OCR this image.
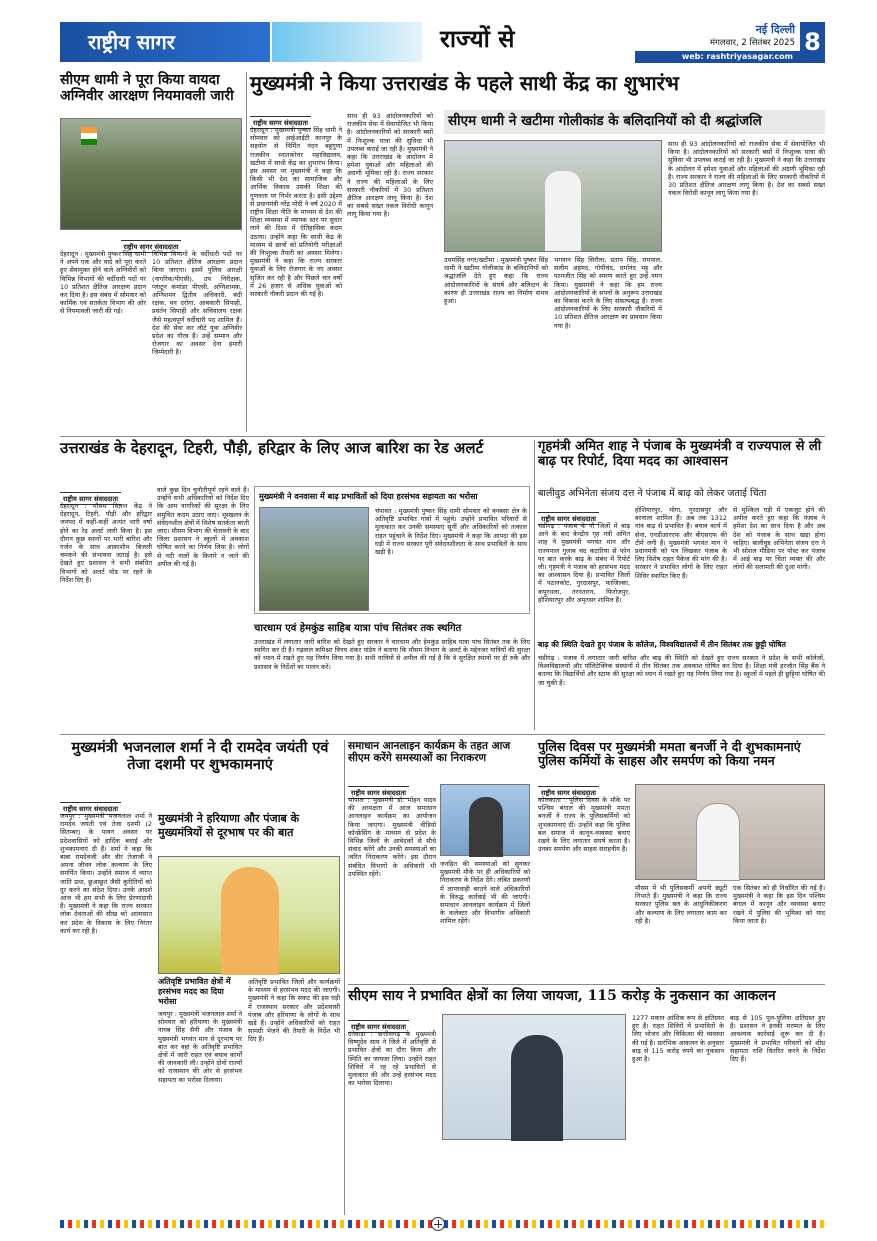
राष्ट्रीय सागर	राज्यों से	नई दिल्ली
मंगलवार, 2 सितंबर 2025
web: rashtriyasagar.com
8
सीएम धामी ने पूरा किया वायदा अग्निवीर आरक्षण नियमावली जारी
राष्ट्रीय सागर संवाददाता
देहरादून : मुख्यमंत्री पुष्कर सिंह धामी ने अपने एक और वादे को पूरा करते हुए सेवामुक्त होने वाले अग्निवीरों को विभिन्न विभागों की वर्दीधारी पदों पर 10 प्रतिशत क्षैतिज आरक्षण प्रदान कर दिया है। इस संबंध में सोमवार को कार्मिक एवं सतर्कता विभाग की ओर से नियमावली जारी की गई।
विभिन्न विभागों के वर्दीधारी पदों पर 10 प्रतिशत क्षैतिज आरक्षण प्रदान किया जाएगा। इसमें पुलिस आरक्षी (नागरिक/पीएसी), उप निरीक्षक, प्लाटून कमांडर पीएसी, अग्निशामक, अग्निशमन द्वितीय अधिकारी, बंदी रक्षक, वन दरोगा, आबकारी सिपाही, प्रवर्तन सिपाही और सचिवालय रक्षक जैसे महत्वपूर्ण वर्दीधारी पद शामिल हैं। देश की सेवा कर लौटे युवा अग्निवीर प्रदेश का गौरव हैं। उन्हें सम्मान और रोजगार का अवसर देना हमारी जिम्मेदारी है।
मुख्यमंत्री ने किया उत्तराखंड के पहले साथी केंद्र का शुभारंभ
राष्ट्रीय सागर संवाददाता
देहरादून : मुख्यमंत्री पुष्कर सिंह धामी ने सोमवार को आईआईटी कानपुर के सहयोग से निर्मित नंदन बहुगुणा राजकीय स्नातकोत्तर महाविद्यालय, खटीमा में साथी केंद्र का शुभारंभ किया। इस अवसर पर मुख्यमंत्री ने कहा कि किसी भी देश का सामाजिक और आर्थिक विकास उसकी शिक्षा की गुणवत्ता पर निर्भर करता है। इसी उद्देश्य से प्रधानमंत्री नरेंद्र मोदी ने वर्ष 2020 में राष्ट्रीय शिक्षा नीति के माध्यम से देश की शिक्षा व्यवस्था में व्यापक स्तर पर सुधार लाने की दिशा में ऐतिहासिक कदम उठाया। उन्होंने कहा कि साथी केंद्र के माध्यम से छात्रों को प्रतियोगी परीक्षाओं की निःशुल्क तैयारी का अवसर मिलेगा। मुख्यमंत्री ने कहा कि राज्य सरकार युवाओं के लिए रोजगार के नए अवसर सृजित कर रही है और पिछले चार वर्षों में 26 हजार से अधिक युवाओं को सरकारी नौकरी प्रदान की गई है।
साथ ही 93 आंदोलनकारियों को राजकीय सेवा में सेवायोजित भी किया है। आंदोलनकारियों को सरकारी बसों में निःशुल्क यात्रा की सुविधा भी उपलब्ध कराई जा रही है। मुख्यमंत्री ने कहा कि उत्तराखंड के आंदोलन में हमेशा युवाओं और महिलाओं की अग्रणी भूमिका रही है। राज्य सरकार ने राज्य की महिलाओं के लिए सरकारी नौकरियों में 30 प्रतिशत क्षैतिज आरक्षण लागू किया है। देश का सबसे सख्त नकल विरोधी कानून लागू किया गया है।
सीएम धामी ने खटीमा गोलीकांड के बलिदानियों को दी श्रद्धांजलि
उधमसिंह नगर/खटीमा : मुख्यमंत्री पुष्कर सिंह धामी ने खटीमा गोलीकांड के बलिदानियों को श्रद्धांजलि देते हुए कहा कि राज्य आंदोलनकारियों के संघर्ष और बलिदान के कारण ही उत्तराखंड राज्य का निर्माण संभव हुआ।
भगवान सिंह सिरौला, प्रताप सिंह, रामपाल, सलीम अहमद, गोपीचंद, धर्मानंद भट्ट और परमजीत सिंह को स्मरण करते हुए उन्हें नमन किया। मुख्यमंत्री ने कहा कि हम राज्य आंदोलनकारियों के सपनों के अनुरूप उत्तराखंड का विकास करने के लिए संकल्पबद्ध हैं। राज्य आंदोलनकारियों के लिए सरकारी नौकरियों में 10 प्रतिशत क्षैतिज आरक्षण का प्रावधान किया गया है।
साथ ही 93 आंदोलनकारियों को राजकीय सेवा में सेवायोजित भी किया है। आंदोलनकारियों को सरकारी बसों में निःशुल्क यात्रा की सुविधा भी उपलब्ध कराई जा रही है। मुख्यमंत्री ने कहा कि उत्तराखंड के आंदोलन में हमेशा युवाओं और महिलाओं की अग्रणी भूमिका रही है। राज्य सरकार ने राज्य की महिलाओं के लिए सरकारी नौकरियों में 30 प्रतिशत क्षैतिज आरक्षण लागू किया है। देश का सबसे सख्त नकल विरोधी कानून लागू किया गया है।
उत्तराखंड के देहरादून, टिहरी, पौड़ी, हरिद्वार के लिए आज बारिश का रेड अलर्ट
राष्ट्रीय सागर संवाददाता
देहरादून : मौसम विज्ञान केंद्र ने देहरादून, टिहरी, पौड़ी और हरिद्वार जनपद में कहीं-कहीं अत्यंत भारी वर्षा होने का रेड अलर्ट जारी किया है। इस दौरान कुछ स्थानों पर भारी बारिश और गर्जन के साथ आकाशीय बिजली चमकने की संभावना जताई है। इसे देखते हुए प्रशासन ने सभी संबंधित विभागों को अलर्ट मोड पर रहने के निर्देश दिए हैं।
वाले कुछ दिन चुनौतीपूर्ण रहने वाले हैं। उन्होंने सभी अधिकारियों को निर्देश दिए कि आम नागरिकों की सुरक्षा के लिए समुचित कदम उठाए जाएं। भूस्खलन के संवेदनशील क्षेत्रों में विशेष सतर्कता बरती जाए। मौसम विभाग की चेतावनी के बाद जिला प्रशासन ने स्कूलों में अवकाश घोषित करने का निर्णय लिया है। लोगों से नदी नालों के किनारे न जाने की अपील की गई है।
मुख्यमंत्री ने वनवासा में बाढ़ प्रभावितों को दिया हरसंभव सहायता का भरोसा
चंपावत : मुख्यमंत्री पुष्कर सिंह धामी सोमवार को बनबसा क्षेत्र के अतिवृष्टि प्रभावित गांवों में पहुंचे। उन्होंने प्रभावित परिवारों से मुलाकात कर उनकी समस्याएं सुनीं और अधिकारियों को तत्काल राहत पहुंचाने के निर्देश दिए। मुख्यमंत्री ने कहा कि आपदा की इस घड़ी में राज्य सरकार पूरी संवेदनशीलता के साथ प्रभावितों के साथ खड़ी है।
चारधाम एवं हेमकुंड साहिब यात्रा पांच सितंबर तक स्थगित
उत्तराखंड में लगातार जारी बारिश को देखते हुए सरकार ने चारधाम और हेमकुंड साहिब यात्रा पांच सितंबर तक के लिए स्थगित कर दी है। गढ़वाल कमिश्नर विनय शंकर पांडेय ने बताया कि मौसम विभाग के अलर्ट के मद्देनजर यात्रियों की सुरक्षा को ध्यान में रखते हुए यह निर्णय लिया गया है। सभी यात्रियों से अपील की गई है कि वे सुरक्षित स्थानों पर ही रुकें और प्रशासन के निर्देशों का पालन करें।
गृहमंत्री अमित शाह ने पंजाब के मुख्यमंत्री व राज्यपाल से ली बाढ़ पर रिपोर्ट, दिया मदद का आश्वासन
बालीवुड अभिनेता संजय दत्त ने पंजाब में बाढ़ को लेकर जताई चिंता
राष्ट्रीय सागर संवाददाता
चंडीगढ़ : पंजाब के नौ जिलों में बाढ़ आने के बाद केन्द्रीय गृह मंत्री अमित शाह ने मुख्यमंत्री भगवंत मान और राज्यपाल गुलाब चंद कटारिया से फोन पर बात करके बाढ़ के संबंध में रिपोर्ट ली। गृहमंत्री ने पंजाब को हरसंभव मदद का आश्वासन दिया है। प्रभावित जिलों में पठानकोट, गुरदासपुर, फाजिल्का, कपूरथला, तरनतारन, फिरोजपुर, होशियारपुर और अमृतसर शामिल हैं।
होशियारपुर, मोगा, गुरदासपुर और बरनाला शामिल हैं। अब तक 1312 गांव बाढ़ से प्रभावित हैं। बचाव कार्य में सेना, एनडीआरएफ और बीएसएफ की टीमें लगी हैं। मुख्यमंत्री भगवंत मान ने प्रधानमंत्री को पत्र लिखकर पंजाब के लिए विशेष राहत पैकेज की मांग की है। सरकार ने प्रभावित लोगों के लिए राहत शिविर स्थापित किए हैं।
से मुश्किल घड़ी में एकजुट होने की अपील करते हुए कहा कि पंजाब ने हमेशा देश का साथ दिया है और अब देश को पंजाब के साथ खड़ा होना चाहिए। बालीवुड अभिनेता संजय दत्त ने भी सोशल मीडिया पर पोस्ट कर पंजाब में आई बाढ़ पर चिंता व्यक्त की और लोगों की सलामती की दुआ मांगी।
बाढ़ की स्थिति देखते हुए पंजाब के कॉलेज, विश्वविद्यालयों में तीन सितंबर तक छुट्टी घोषित
चंडीगढ़ : पंजाब में लगातार जारी बारिश और बाढ़ की स्थिति को देखते हुए राज्य सरकार ने प्रदेश के सभी कॉलेजों, विश्वविद्यालयों और पॉलिटेक्निक संस्थानों में तीन सितंबर तक अवकाश घोषित कर दिया है। शिक्षा मंत्री हरजोत सिंह बैंस ने बताया कि विद्यार्थियों और स्टाफ की सुरक्षा को ध्यान में रखते हुए यह निर्णय लिया गया है। स्कूलों में पहले ही छुट्टियां घोषित की जा चुकी हैं।
मुख्यमंत्री भजनलाल शर्मा ने दी रामदेव जयंती एवं तेजा दशमी पर शुभकामनाएं
राष्ट्रीय सागर संवाददाता
जयपुर : मुख्यमंत्री भजनलाल शर्मा ने रामदेव जयंती एवं तेजा दशमी (2 सितम्बर) के पावन अवसर पर प्रदेशवासियों को हार्दिक बधाई और शुभकामनाएं दी हैं। शर्मा ने कहा कि बाबा रामदेवजी और वीर तेजाजी ने अपना जीवन लोक कल्याण के लिए समर्पित किया। उन्होंने समाज में व्याप्त जाति प्रथा, छुआछूत जैसी कुरीतियों को दूर करने का संदेश दिया। उनके आदर्श आज भी हम सभी के लिए प्रेरणादायी हैं। मुख्यमंत्री ने कहा कि राज्य सरकार लोक देवताओं की सीख को आत्मसात कर प्रदेश के विकास के लिए निरंतर कार्य कर रही है।
मुख्यमंत्री ने हरियाणा और पंजाब के मुख्यमंत्रियों से दूरभाष पर की बात
अतिवृष्टि प्रभावित क्षेत्रों में हरसंभव मदद का दिया भरोसा
जयपुर : मुख्यमंत्री भजनलाल शर्मा ने सोमवार को हरियाणा के मुख्यमंत्री नायब सिंह सैनी और पंजाब के मुख्यमंत्री भगवंत मान से दूरभाष पर बात कर वहां के अतिवृष्टि प्रभावित क्षेत्रों में जारी राहत एवं बचाव कार्यों की जानकारी ली। उन्होंने दोनों राज्यों को राजस्थान की ओर से हरसंभव सहायता का भरोसा दिलाया।
अतिवृष्टि प्रभावित जिलों और कार्यक्रमों के माध्यम से हरसंभव मदद की जाएगी। मुख्यमंत्री ने कहा कि संकट की इस घड़ी में राजस्थान सरकार और प्रदेशवासी पंजाब और हरियाणा के लोगों के साथ खड़े हैं। उन्होंने अधिकारियों को राहत सामग्री भेजने की तैयारी के निर्देश भी दिए हैं।
समाधान आनलाइन कार्यक्रम के तहत आज सीएम करेंगे समस्याओं का निराकरण
राष्ट्रीय सागर संवाददाता
भोपाल : मुख्यमंत्री डॉ. मोहन यादव की अध्यक्षता में आज समाधान आनलाइन कार्यक्रम का आयोजन किया जाएगा। मुख्यमंत्री वीडियो कॉन्फ्रेंसिंग के माध्यम से प्रदेश के विभिन्न जिलों के आवेदकों से सीधे संवाद करेंगे और उनकी समस्याओं का त्वरित निराकरण करेंगे। इस दौरान संबंधित विभागों के अधिकारी भी उपस्थित रहेंगे।
जनहित की समस्याओं को सुनकर मुख्यमंत्री मौके पर ही अधिकारियों को निराकरण के निर्देश देंगे। लंबित प्रकरणों में लापरवाही बरतने वाले अधिकारियों के विरुद्ध कार्रवाई भी की जाएगी। समाधान आनलाइन कार्यक्रम में जिलों के कलेक्टर और विभागीय अधिकारी शामिल रहेंगे।
पुलिस दिवस पर मुख्यमंत्री ममता बनर्जी ने दी शुभकामनाएं पुलिस कर्मियों के साहस और समर्पण को किया नमन
राष्ट्रीय सागर संवाददाता
कोलकाता : पुलिस दिवस के मौके पर पश्चिम बंगाल की मुख्यमंत्री ममता बनर्जी ने राज्य के पुलिसकर्मियों को शुभकामनाएं दीं। उन्होंने कहा कि पुलिस बल समाज में कानून-व्यवस्था बनाए रखने के लिए लगातार संघर्ष करता है। उनका समर्पण और साहस सराहनीय है।
मौसम में भी पुलिसकर्मी अपनी ड्यूटी निभाते हैं। मुख्यमंत्री ने कहा कि राज्य सरकार पुलिस बल के आधुनिकीकरण और कल्याण के लिए लगातार काम कर रही है।
एक सितंबर को ही निर्धारित की गई है। मुख्यमंत्री ने कहा कि इस दिन पश्चिम बंगाल में कानून और व्यवस्था बनाए रखने में पुलिस की भूमिका को याद किया जाता है।
सीएम साय ने प्रभावित क्षेत्रों का लिया जायजा, 115 करोड़ के नुकसान का आकलन
राष्ट्रीय सागर संवाददाता
दंतेवाड़ा : छत्तीसगढ़ के मुख्यमंत्री विष्णुदेव साय ने जिले में अतिवृष्टि से प्रभावित क्षेत्रों का दौरा किया और स्थिति का जायजा लिया। उन्होंने राहत शिविरों में रह रहे प्रभावितों से मुलाकात की और उन्हें हरसंभव मदद का भरोसा दिलाया।
1277 मकान आंशिक रूप से क्षतिग्रस्त हुए हैं। राहत शिविरों में प्रभावितों के लिए भोजन और चिकित्सा की व्यवस्था की गई है। प्रारंभिक आकलन के अनुसार बाढ़ से 115 करोड़ रुपये का नुकसान हुआ है।
बाढ़ से 105 पुल-पुलिया क्षतिग्रस्त हुए हैं। प्रशासन ने इनकी मरम्मत के लिए आवश्यक कार्रवाई शुरू कर दी है। मुख्यमंत्री ने प्रभावित परिवारों को शीघ्र सहायता राशि वितरित करने के निर्देश दिए हैं।
